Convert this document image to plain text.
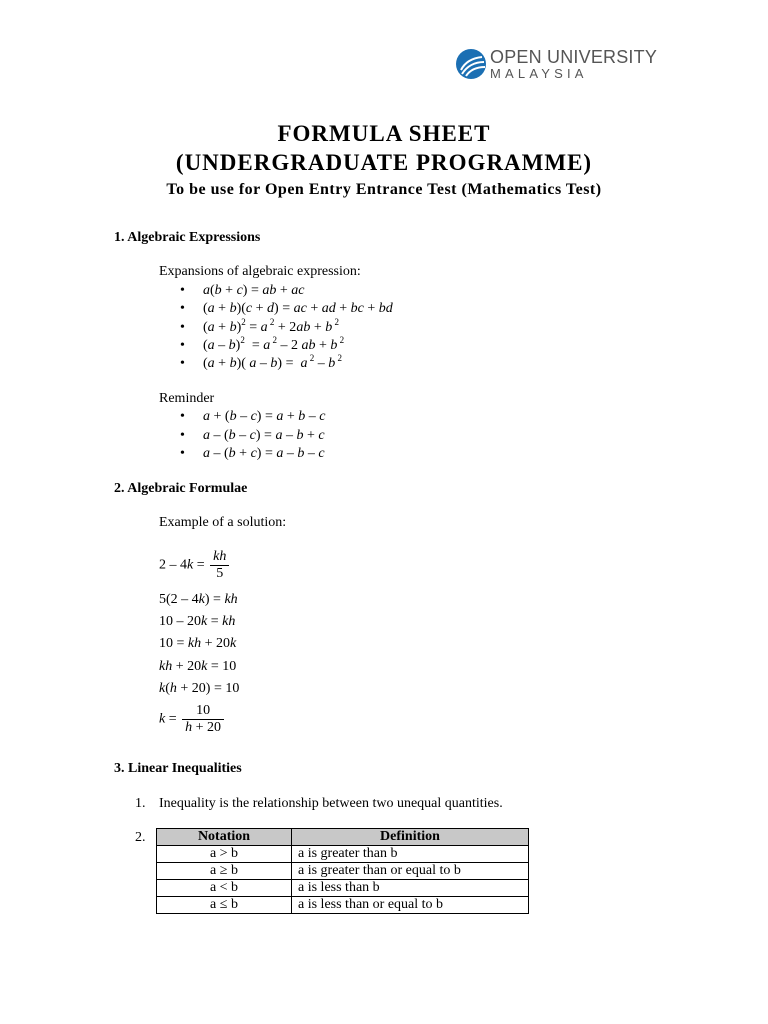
OPEN UNIVERSITY
MALAYSIA
FORMULA SHEET
(UNDERGRADUATE PROGRAMME)
To be use for Open Entry Entrance Test (Mathematics Test)
1. Algebraic Expressions
Expansions of algebraic expression:
• a(b + c) = ab + ac
• (a + b)(c + d) = ac + ad + bc + bd
• $(a + b)^2 = a$ $^2$ + 2ab + b $^2$
• (a – b)$^2$  = a $^2$ – 2 ab + b $^2$
• (a + b)( a – b) =  a $^2$ – b $^2$
Reminder
• a + (b – c) = a + b – c
• a – (b – c) = a – b + c
• a – (b + c) = a – b – c
2. Algebraic Formulae
Example of a solution:
$2 - 4k = \frac{kh}{5}$
5(2 – 4k) = kh
10 – 20k = kh
10 = kh + 20k
kh + 20k = 10
k(h + 20) = 10
$k = \frac{10}{h + 20}$
3. Linear Inequalities
1. Inequality is the relationship between two unequal quantities.
2.	Notation	Definition
a > b	a is greater than b
a ≥ b	a is greater than or equal to b
a < b	a is less than b
a ≤ b	a is less than or equal to b
